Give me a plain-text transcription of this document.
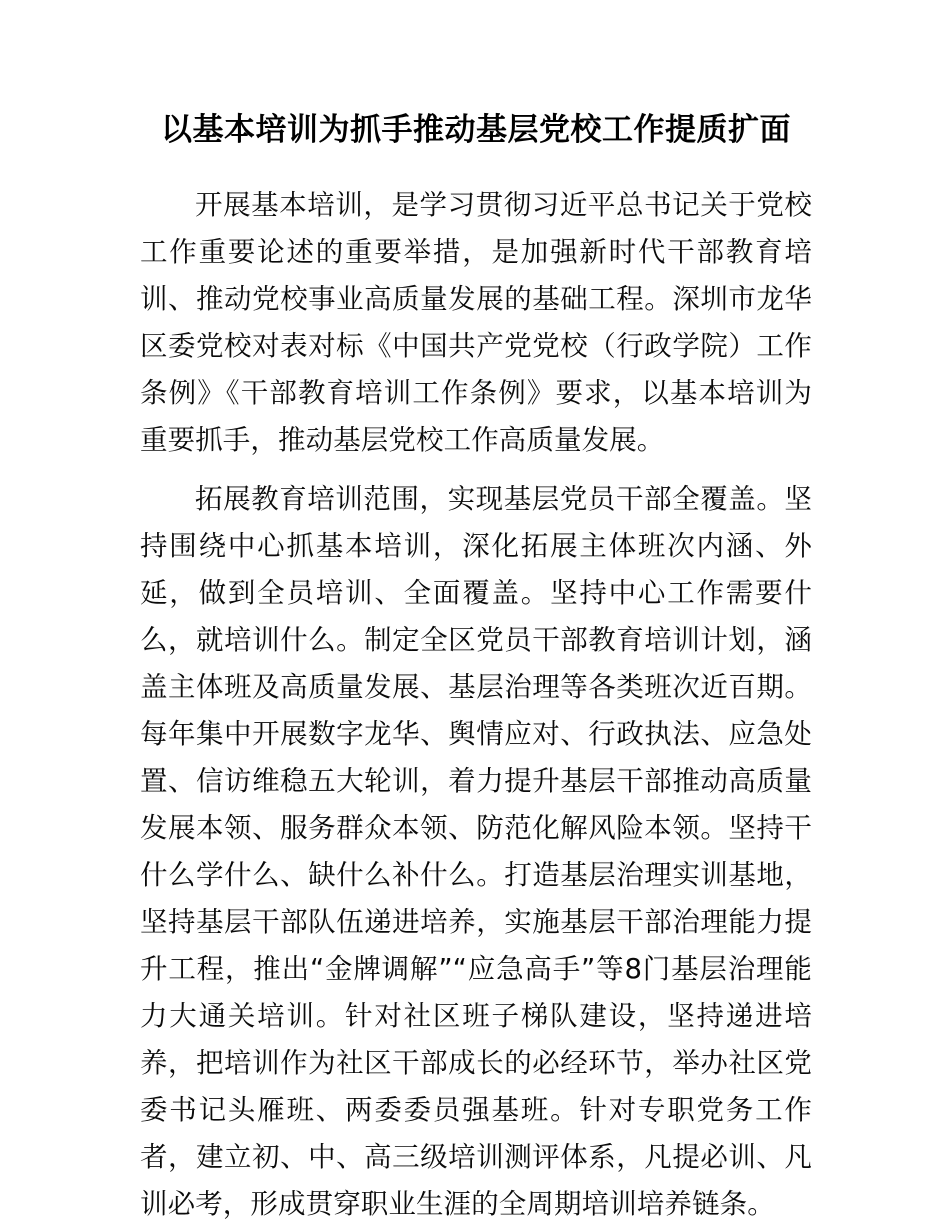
以基本培训为抓手推动基层党校工作提质扩面

开展基本培训，是学习贯彻习近平总书记关于党校工作重要论述的重要举措，是加强新时代干部教育培训、推动党校事业高质量发展的基础工程。深圳市龙华区委党校对表对标《中国共产党党校（行政学院）工作条例》《干部教育培训工作条例》要求，以基本培训为重要抓手，推动基层党校工作高质量发展。

拓展教育培训范围，实现基层党员干部全覆盖。坚持围绕中心抓基本培训，深化拓展主体班次内涵、外延，做到全员培训、全面覆盖。坚持中心工作需要什么，就培训什么。制定全区党员干部教育培训计划，涵盖主体班及高质量发展、基层治理等各类班次近百期。每年集中开展数字龙华、舆情应对、行政执法、应急处置、信访维稳五大轮训，着力提升基层干部推动高质量发展本领、服务群众本领、防范化解风险本领。坚持干什么学什么、缺什么补什么。打造基层治理实训基地，坚持基层干部队伍递进培养，实施基层干部治理能力提升工程，推出“金牌调解”“应急高手”等8门基层治理能力大通关培训。针对社区班子梯队建设，坚持递进培养，把培训作为社区干部成长的必经环节，举办社区党委书记头雁班、两委委员强基班。针对专职党务工作者，建立初、中、高三级培训测评体系，凡提必训、凡训必考，形成贯穿职业生涯的全周期培训培养链条。
